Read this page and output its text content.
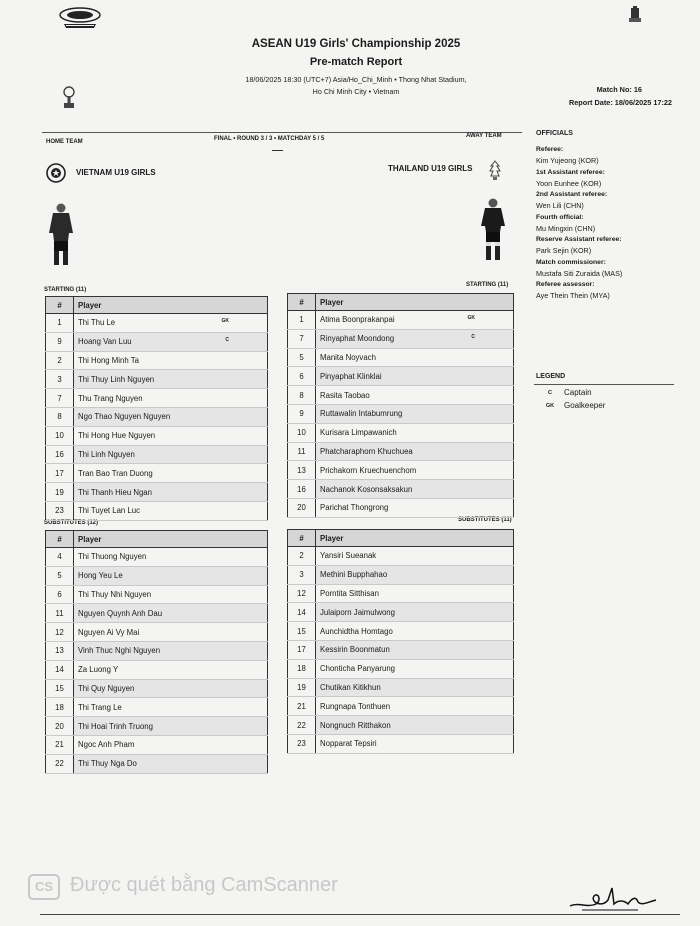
ASEAN U19 Girls' Championship 2025
Pre-match Report
18/06/2025 18:30 (UTC+7) Asia/Ho_Chi_Minh • Thong Nhat Stadium,
Ho Chi Minh City • Vietnam	Match No: 16
Report Date: 18/06/2025 17:22
HOME TEAM	FINAL • ROUND 3 / 3 • MATCHDAY 5 / 5	AWAY TEAM
VIETNAM U19 GIRLS	THAILAND U19 GIRLS
STARTING (11)
STARTING (11)
SUBSTITUTES (12)	SUBSTITUTES (11)
#	Player
1	Thi Thu Le GK

9	Hoang Van Luu C

2	Thi Hong Minh Ta
3	Thi Thuy Linh Nguyen
7	Thu Trang Nguyen
8	Ngo Thao Nguyen Nguyen
10	Thi Hong Hue Nguyen
16	Thi Linh Nguyen
17	Tran Bao Tran Duong
19	Thi Thanh Hieu Ngan
23	Thi Tuyet Lan Luc
#	Player
1	Atima Boonprakanpai GK

7	Rinyaphat Moondong C

5	Manita Noyvach
6	Pinyaphat Klinklai
8	Rasita Taobao
9	Ruttawalin Intabumrung
10	Kurisara Limpawanich
11	Phatcharaphorn Khuchuea
13	Prichakorn Kruechuenchom
16	Nachanok Kosonsaksakun
20	Parichat Thongrong
#	Player
4	Thi Thuong Nguyen
5	Hong Yeu Le
6	Thi Thuy Nhi Nguyen
11	Nguyen Quynh Anh Dau
12	Nguyen Ai Vy Mai
13	Vinh Thuc Nghi Nguyen
14	Za Luong Y
15	Thi Quy Nguyen
18	Thi Trang Le
20	Thi Hoai Trinh Truong
21	Ngoc Anh Pham
22	Thi Thuy Nga Do
#	Player
2	Yansiri Sueanak
3	Methini Bupphahao
12	Porntita Sitthisan
14	Julaiporn Jaimulwong
15	Aunchidtha Homtago
17	Kessirin Boonmatun
18	Chonticha Panyarung
19	Chutikan Kitikhun
21	Rungnapa Tonthuen
22	Nongnuch Ritthakon
23	Nopparat Tepsiri
OFFICIALS
Referee:
Kim Yujeong (KOR)
1st Assistant referee:
Yoon Eunhee (KOR)
2nd Assistant referee:
Wen Lili (CHN)
Fourth official:
Mu Mingxin (CHN)
Reserve Assistant referee:
Park Sejin (KOR)
Match commissioner:
Mustafa Siti Zuraida (MAS)
Referee assessor:
Aye Thein Thein (MYA)
LEGEND
C	Captain
GK Goalkeeper
CS Được quét bằng CamScanner
